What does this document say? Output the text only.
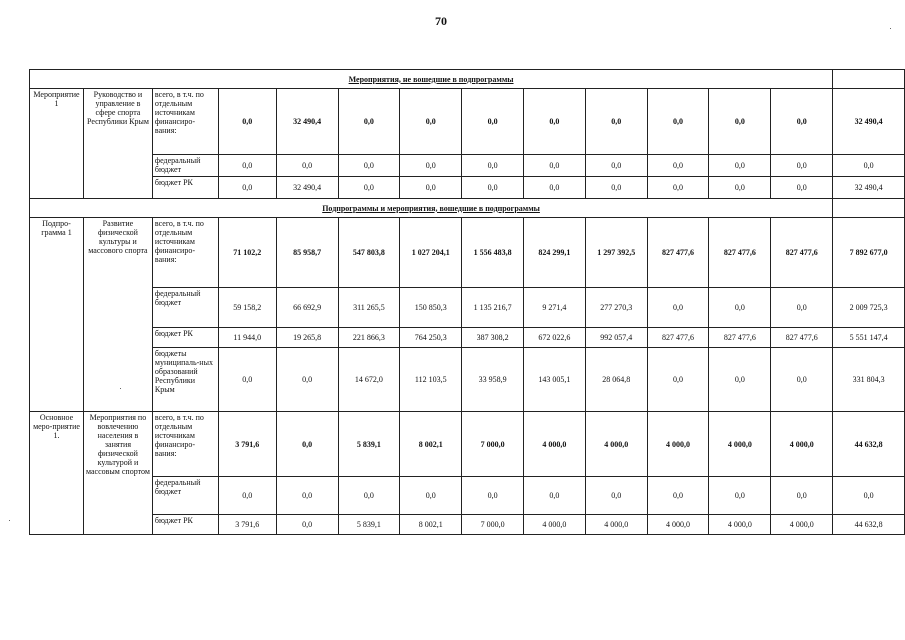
70
Мероприятия, не вошедшие в подпрограммы													
Мероприятие 1	Руководство и управление в сфере спорта Республики Крым	всего, в т.ч. по отдельным источникам финансиро-вания:	0,0	32 490,4	0,0	0,0	0,0	0,0	0,0	0,0	0,0	0,0	32 490,4
		федеральный бюджет	0,0	0,0	0,0	0,0	0,0	0,0	0,0	0,0	0,0	0,0	0,0
		бюджет РК	0,0	32 490,4	0,0	0,0	0,0	0,0	0,0	0,0	0,0	0,0	32 490,4
Подпрограммы и мероприятия, вошедшие в подпрограммы													
Подпро-грамма 1	Развитие физической культуры и массового спорта	всего, в т.ч. по отдельным источникам финансиро-вания:	71 102,2	85 958,7	547 803,8	1 027 204,1	1 556 483,8	824 299,1	1 297 392,5	827 477,6	827 477,6	827 477,6	7 892 677,0
		федеральный бюджет	59 158,2	66 692,9	311 265,5	150 850,3	1 135 216,7	9 271,4	277 270,3	0,0	0,0	0,0	2 009 725,3
		бюджет РК	11 944,0	19 265,8	221 866,3	764 250,3	387 308,2	672 022,6	992 057,4	827 477,6	827 477,6	827 477,6	5 551 147,4
		бюджеты муниципаль-ных образований Республики Крым	0,0	0,0	14 672,0	112 103,5	33 958,9	143 005,1	28 064,8	0,0	0,0	0,0	331 804,3
Основное меро-приятие 1.	Мероприятия по вовлечению населения в занятия физической культурой и массовым спортом	всего, в т.ч. по отдельным источникам финансиро-вания:	3 791,6	0,0	5 839,1	8 002,1	7 000,0	4 000,0	4 000,0	4 000,0	4 000,0	4 000,0	44 632,8
		федеральный бюджет	0,0	0,0	0,0	0,0	0,0	0,0	0,0	0,0	0,0	0,0	0,0
		бюджет РК	3 791,6	0,0	5 839,1	8 002,1	7 000,0	4 000,0	4 000,0	4 000,0	4 000,0	4 000,0	44 632,8
